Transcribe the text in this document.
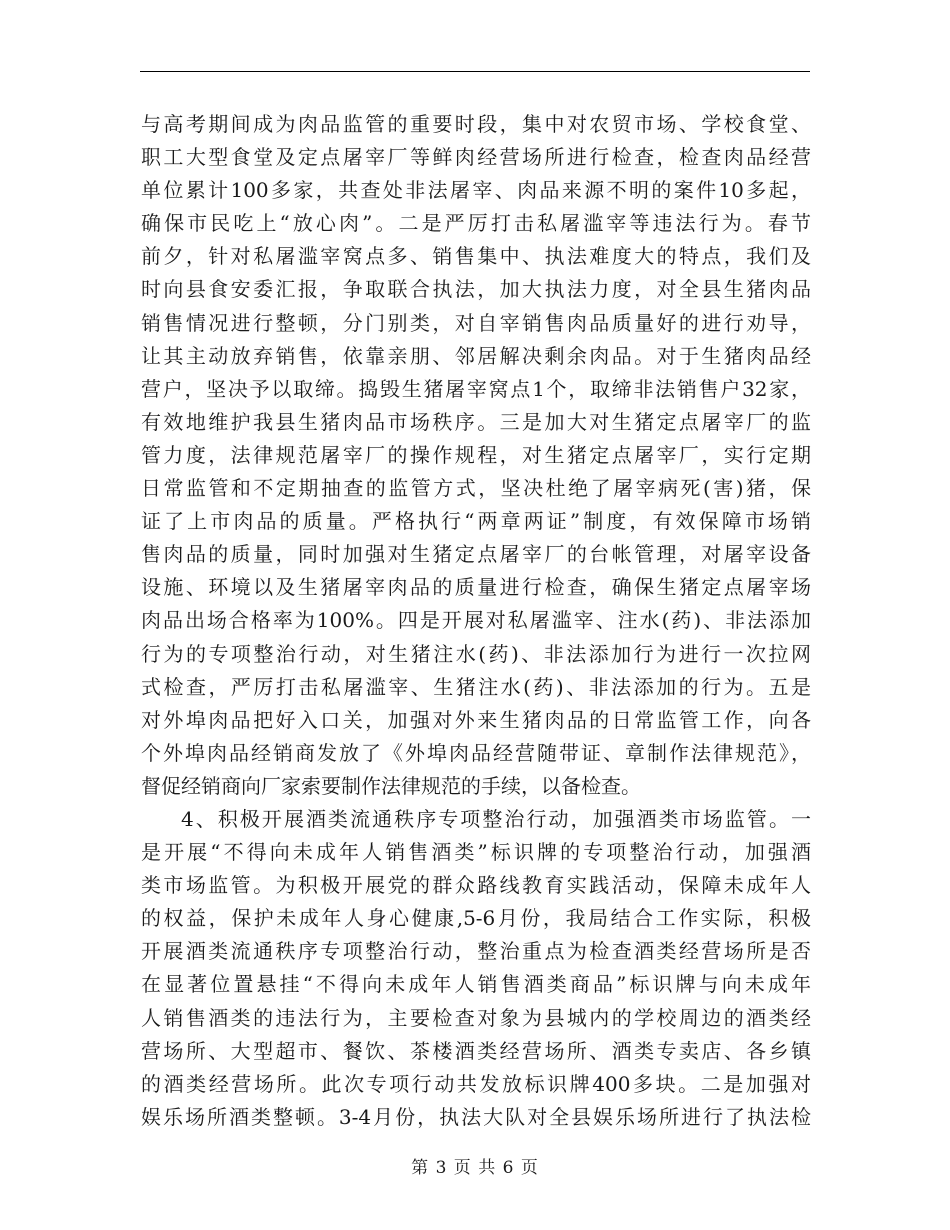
与高考期间成为肉品监管的重要时段，集中对农贸市场、学校食堂、
职工大型食堂及定点屠宰厂等鲜肉经营场所进行检查，检查肉品经营
单位累计100多家，共查处非法屠宰、肉品来源不明的案件10多起，
确保市民吃上“放心肉”。二是严厉打击私屠滥宰等违法行为。春节
前夕，针对私屠滥宰窝点多、销售集中、执法难度大的特点，我们及
时向县食安委汇报，争取联合执法，加大执法力度，对全县生猪肉品
销售情况进行整顿，分门别类，对自宰销售肉品质量好的进行劝导，
让其主动放弃销售，依靠亲朋、邻居解决剩余肉品。对于生猪肉品经
营户，坚决予以取缔。捣毁生猪屠宰窝点1个，取缔非法销售户32家，
有效地维护我县生猪肉品市场秩序。三是加大对生猪定点屠宰厂的监
管力度，法律规范屠宰厂的操作规程，对生猪定点屠宰厂，实行定期
日常监管和不定期抽查的监管方式，坚决杜绝了屠宰病死(害)猪，保
证了上市肉品的质量。严格执行“两章两证”制度，有效保障市场销
售肉品的质量，同时加强对生猪定点屠宰厂的台帐管理，对屠宰设备
设施、环境以及生猪屠宰肉品的质量进行检查，确保生猪定点屠宰场
肉品出场合格率为100%。四是开展对私屠滥宰、注水(药)、非法添加
行为的专项整治行动，对生猪注水(药)、非法添加行为进行一次拉网
式检查，严厉打击私屠滥宰、生猪注水(药)、非法添加的行为。五是
对外埠肉品把好入口关，加强对外来生猪肉品的日常监管工作，向各
个外埠肉品经销商发放了《外埠肉品经营随带证、章制作法律规范》，
督促经销商向厂家索要制作法律规范的手续，以备检查。
4、积极开展酒类流通秩序专项整治行动，加强酒类市场监管。一
是开展“不得向未成年人销售酒类”标识牌的专项整治行动，加强酒
类市场监管。为积极开展党的群众路线教育实践活动，保障未成年人
的权益，保护未成年人身心健康,5-6月份，我局结合工作实际，积极
开展酒类流通秩序专项整治行动，整治重点为检查酒类经营场所是否
在显著位置悬挂“不得向未成年人销售酒类商品”标识牌与向未成年
人销售酒类的违法行为，主要检查对象为县城内的学校周边的酒类经
营场所、大型超市、餐饮、茶楼酒类经营场所、酒类专卖店、各乡镇
的酒类经营场所。此次专项行动共发放标识牌400多块。二是加强对
娱乐场所酒类整顿。3-4月份，执法大队对全县娱乐场所进行了执法检
第 3 页 共 6 页
